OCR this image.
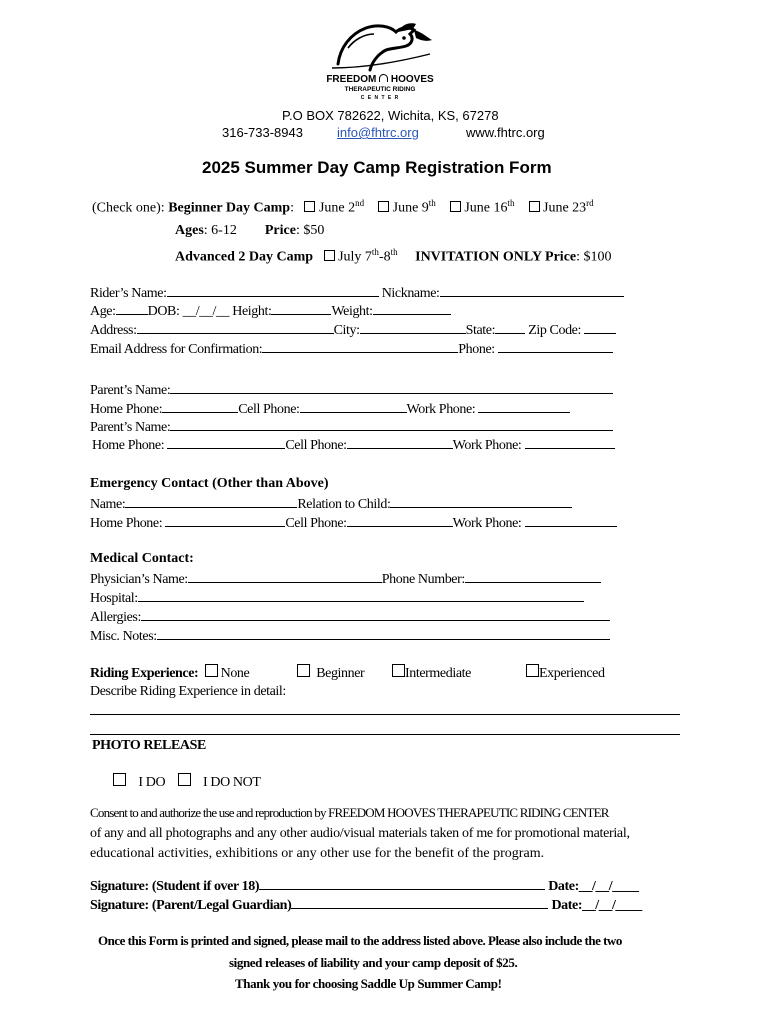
FREEDOM HOOVES
THERAPEUTIC RIDING
C E N T E R
P.O BOX 782622, Wichita, KS, 67278
316-733-8943	info@fhtrc.org	www.fhtrc.org
2025 Summer Day Camp Registration Form
(Check one): Beginner Day Camp:    June 2nd June 9th June 16th June 23rd
Ages: 6-12 Price: $50
Advanced 2 Day Camp July 7th-8th INVITATION ONLY Price: $100
Rider’s Name:	Nickname:
Age: DOB: __/__/__ Height:	Weight:
Address:	City:	State: Zip Code:
Email Address for Confirmation:	Phone:
Parent’s Name:
Home Phone:	Cell Phone:	Work Phone:
Parent’s Name:
Home Phone:	Cell Phone:	Work Phone:
Emergency Contact (Other than Above)
Name:	Relation to Child:
Home Phone:	Cell Phone:	Work Phone:
Medical Contact:
Physician’s Name:	Phone Number:
Hospital:
Allergies:
Misc. Notes:
Riding Experience: None	Beginner	Intermediate	Experienced
Describe Riding Experience in detail:
PHOTO RELEASE
I DO	I DO NOT
Consent to and authorize the use and reproduction by FREEDOM HOOVES THERAPEUTIC RIDING CENTER
of any and all photographs and any other audio/visual materials taken of me for promotional material,
educational activities, exhibitions or any other use for the benefit of the program.
Signature: (Student if over 18)	Date:__/__/____
Signature: (Parent/Legal Guardian)	Date:__/__/____
Once this Form is printed and signed, please mail to the address listed above. Please also include the two
signed releases of liability and your camp deposit of $25.
Thank you for choosing Saddle Up Summer Camp!
